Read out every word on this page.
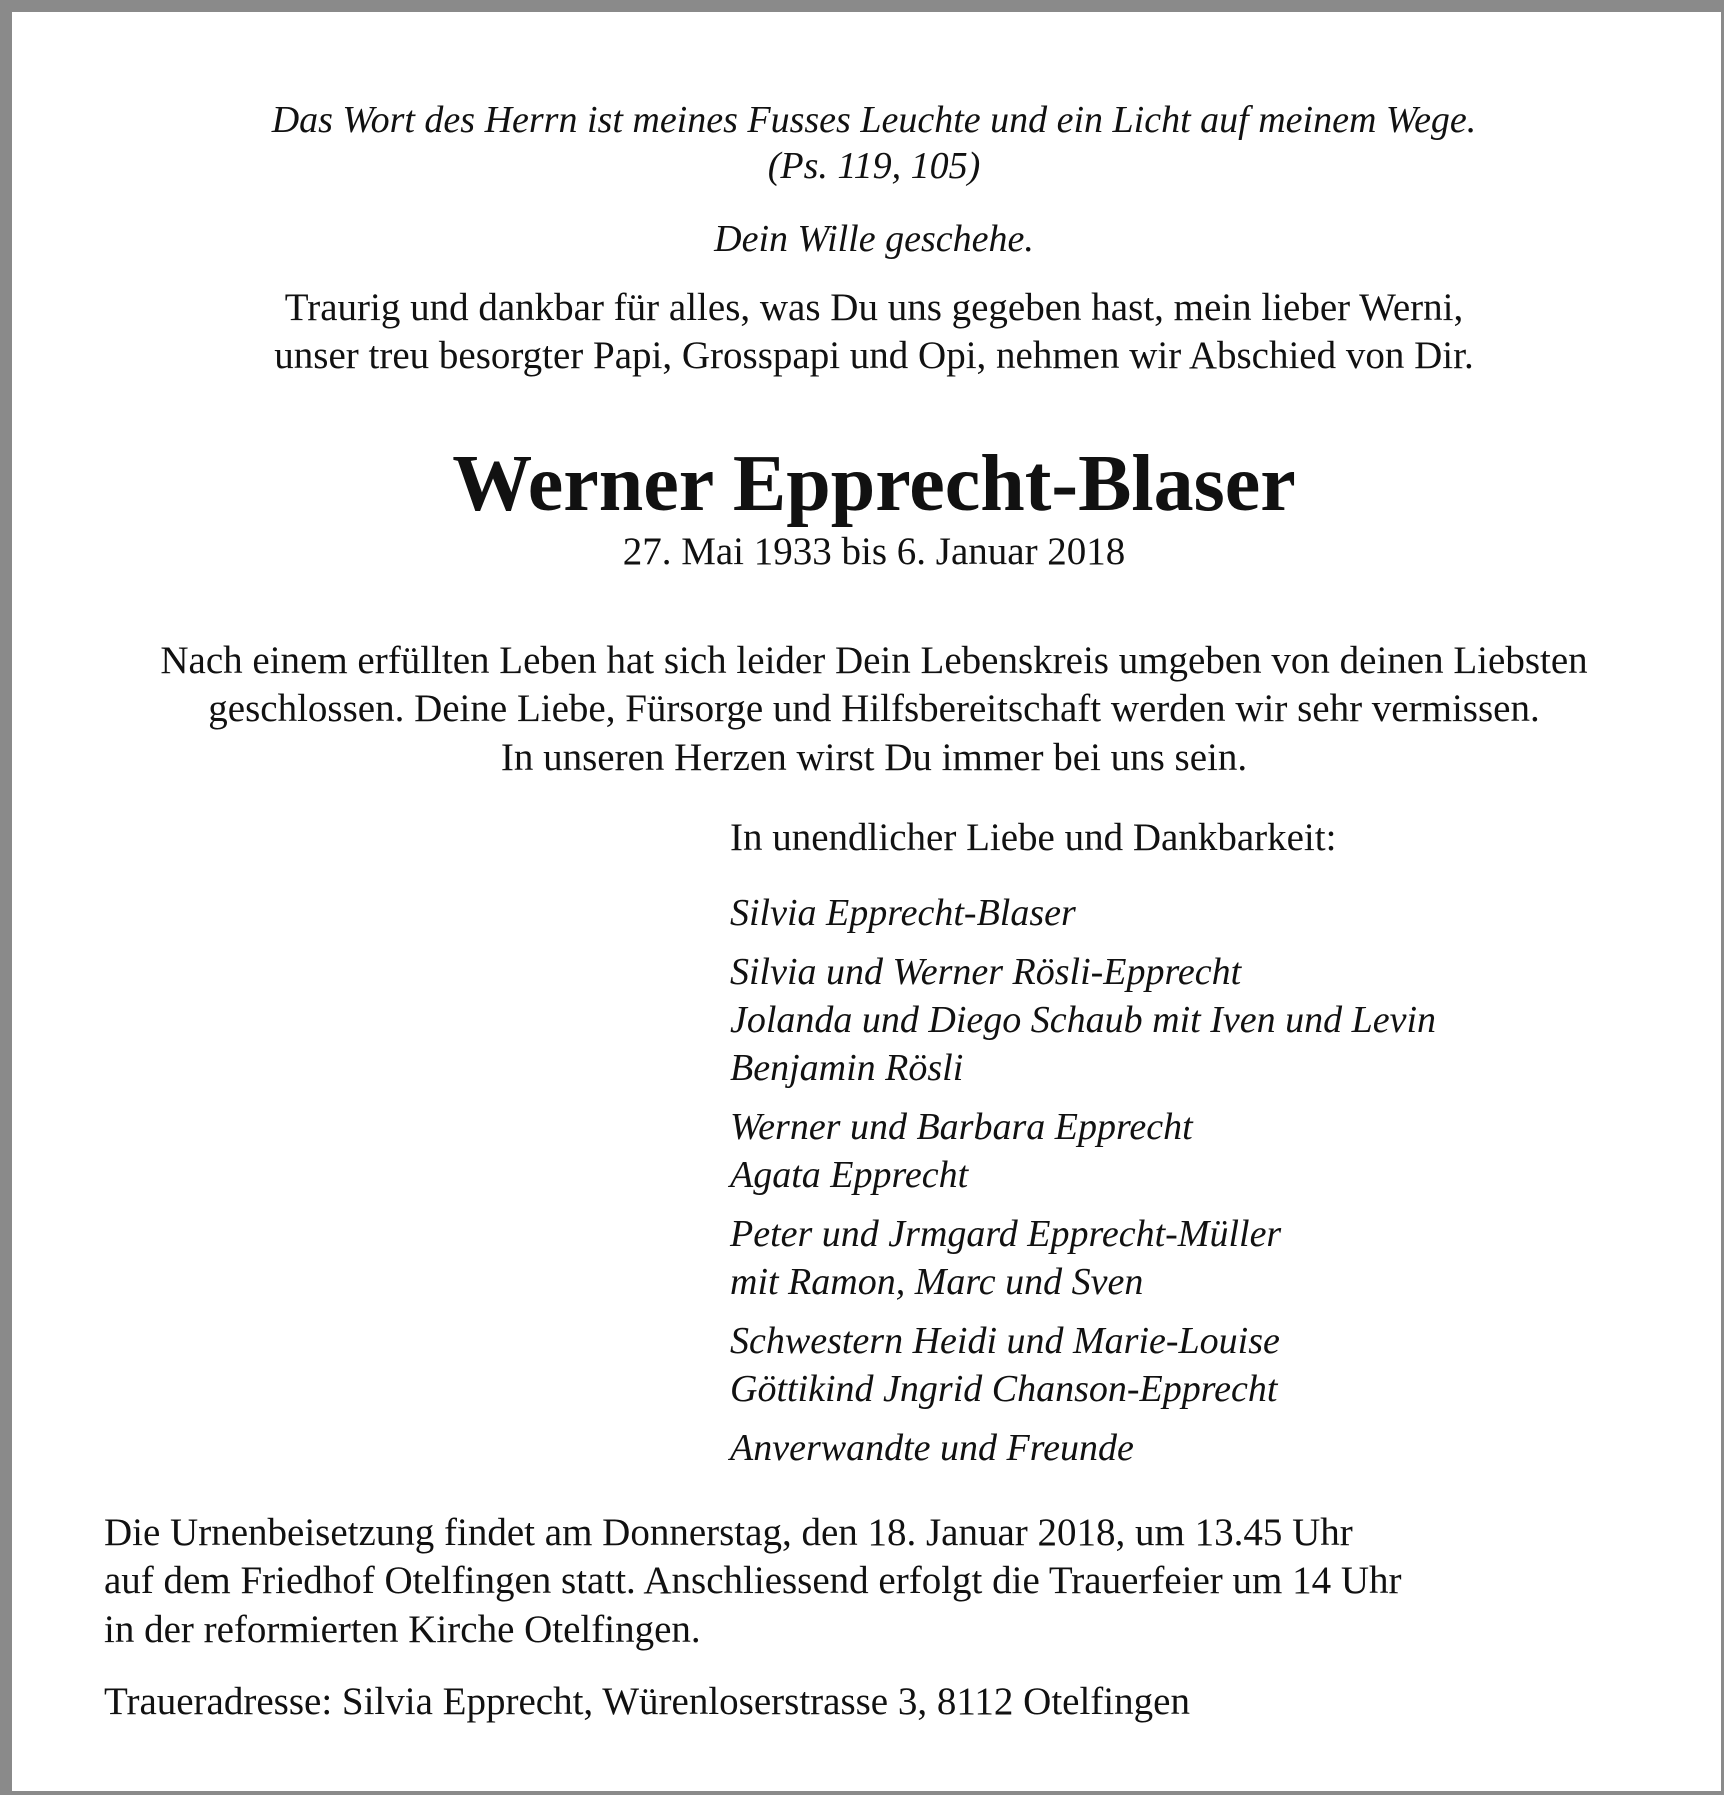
Das Wort des Herrn ist meines Fusses Leuchte und ein Licht auf meinem Wege.
(Ps. 119, 105)
Dein Wille geschehe.
Traurig und dankbar für alles, was Du uns gegeben hast, mein lieber Werni,
unser treu besorgter Papi, Grosspapi und Opi, nehmen wir Abschied von Dir.
Werner Epprecht-Blaser
27. Mai 1933 bis 6. Januar 2018
Nach einem erfüllten Leben hat sich leider Dein Lebenskreis umgeben von deinen Liebsten
geschlossen. Deine Liebe, Fürsorge und Hilfsbereitschaft werden wir sehr vermissen.
In unseren Herzen wirst Du immer bei uns sein.
In unendlicher Liebe und Dankbarkeit:
Silvia Epprecht-Blaser
Silvia und Werner Rösli-Epprecht
Jolanda und Diego Schaub mit Iven und Levin
Benjamin Rösli
Werner und Barbara Epprecht
Agata Epprecht
Peter und Jrmgard Epprecht-Müller
mit Ramon, Marc und Sven
Schwestern Heidi und Marie-Louise
Göttikind Jngrid Chanson-Epprecht
Anverwandte und Freunde
Die Urnenbeisetzung findet am Donnerstag, den 18. Januar 2018, um 13.45 Uhr
auf dem Friedhof Otelfingen statt. Anschliessend erfolgt die Trauerfeier um 14 Uhr
in der reformierten Kirche Otelfingen.
Traueradresse: Silvia Epprecht, Würenloserstrasse 3, 8112 Otelfingen
